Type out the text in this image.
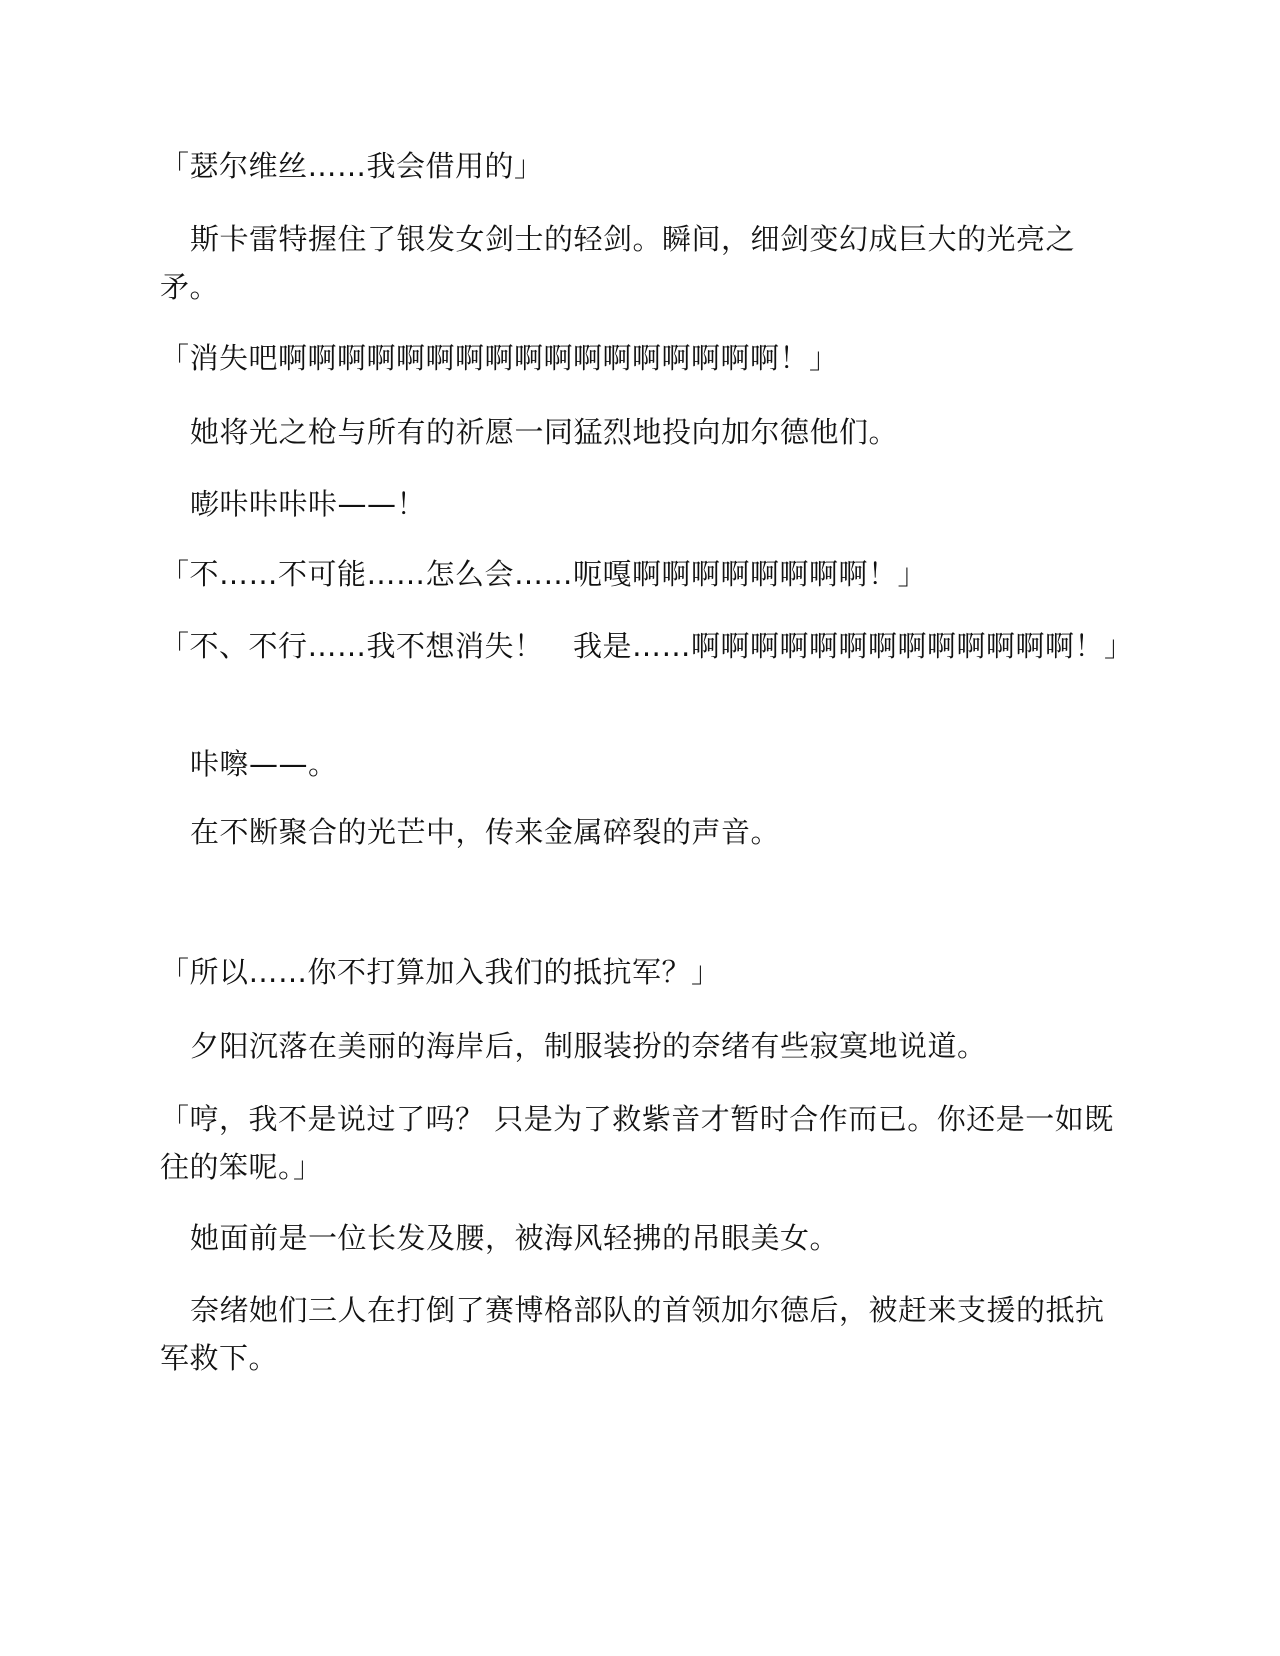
「瑟尔维丝……我会借用的」

斯卡雷特握住了银发女剑士的轻剑。瞬间，细剑变幻成巨大的光亮之矛。

「消失吧啊啊啊啊啊啊啊啊啊啊啊啊啊啊啊啊啊！」

她将光之枪与所有的祈愿一同猛烈地投向加尔德他们。

嘭咔咔咔咔——！

「不……不可能……怎么会……呃嘎啊啊啊啊啊啊啊啊！」

「不、不行……我不想消失！　我是……啊啊啊啊啊啊啊啊啊啊啊啊啊！」

咔嚓——。

在不断聚合的光芒中，传来金属碎裂的声音。

「所以……你不打算加入我们的抵抗军？」

夕阳沉落在美丽的海岸后，制服装扮的奈绪有些寂寞地说道。

「哼，我不是说过了吗？ 只是为了救紫音才暂时合作而已。你还是一如既往的笨呢。」

她面前是一位长发及腰，被海风轻拂的吊眼美女。

奈绪她们三人在打倒了赛博格部队的首领加尔德后，被赶来支援的抵抗军救下。
